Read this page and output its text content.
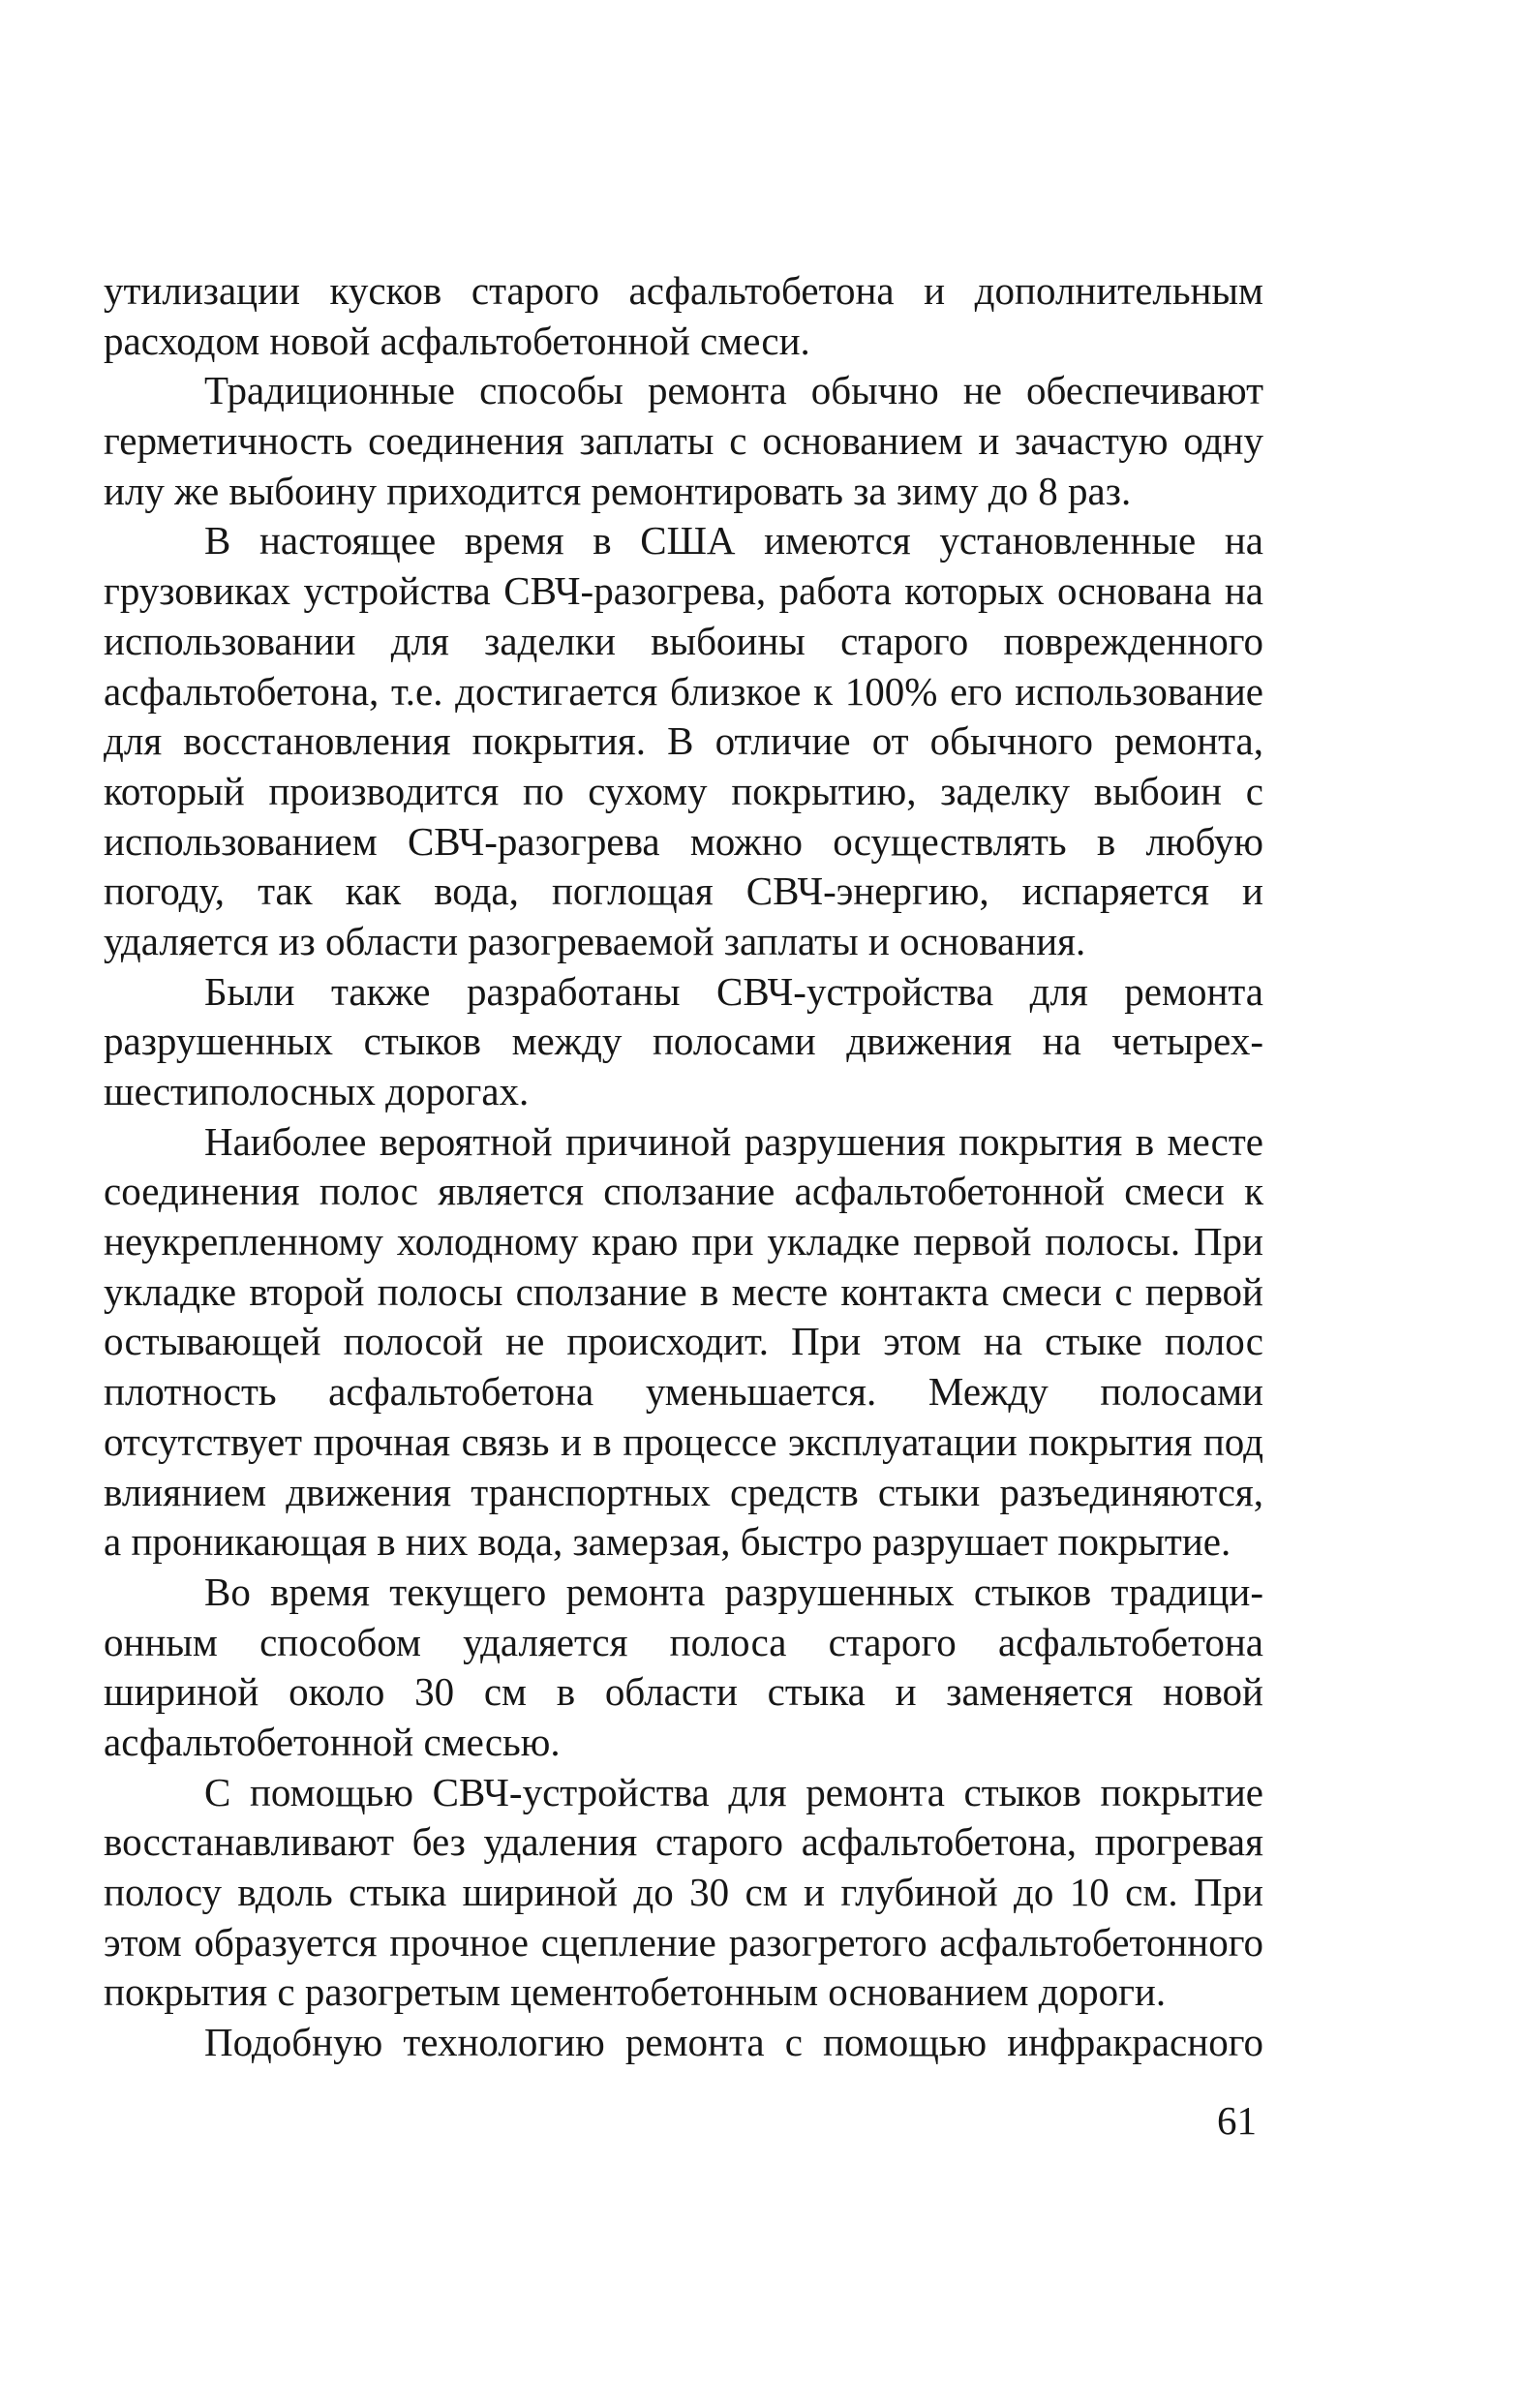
утилизации кусков старого асфальтобетона и дополнительным
расходом новой асфальтобетонной смеси.
Традиционные способы ремонта обычно не обеспечивают
герметичность соединения заплаты с основанием и зачастую одну
илу же выбоину приходится ремонтировать за зиму до 8 раз.
В настоящее время в США имеются установленные на
грузовиках устройства СВЧ-разогрева, работа которых основана на
использовании для заделки выбоины старого поврежденного
асфальтобетона, т.е. достигается близкое к 100% его использование
для восстановления покрытия. В отличие от обычного ремонта,
который производится по сухому покрытию, заделку выбоин с
использованием СВЧ-разогрева можно осуществлять в любую
погоду, так как вода, поглощая СВЧ-энергию, испаряется и
удаляется из области разогреваемой заплаты и основания.
Были также разработаны СВЧ-устройства для ремонта
разрушенных стыков между полосами движения на четырех-
шестиполосных дорогах.
Наиболее вероятной причиной разрушения покрытия в месте
соединения полос является сползание асфальтобетонной смеси к
неукрепленному холодному краю при укладке первой полосы. При
укладке второй полосы сползание в месте контакта смеси с первой
остывающей полосой не происходит. При этом на стыке полос
плотность асфальтобетона уменьшается. Между полосами
отсутствует прочная связь и в процессе эксплуатации покрытия под
влиянием движения транспортных средств стыки разъединяются,
а проникающая в них вода, замерзая, быстро разрушает покрытие.
Во время текущего ремонта разрушенных стыков традици-
онным способом удаляется полоса старого асфальтобетона
шириной около 30 см в области стыка и заменяется новой
асфальтобетонной смесью.
С помощью СВЧ-устройства для ремонта стыков покрытие
восстанавливают без удаления старого асфальтобетона, прогревая
полосу вдоль стыка шириной до 30 см и глубиной до 10 см. При
этом образуется прочное сцепление разогретого асфальтобетонного
покрытия с разогретым цементобетонным основанием дороги.
Подобную технологию ремонта с помощью инфракрасного
61
